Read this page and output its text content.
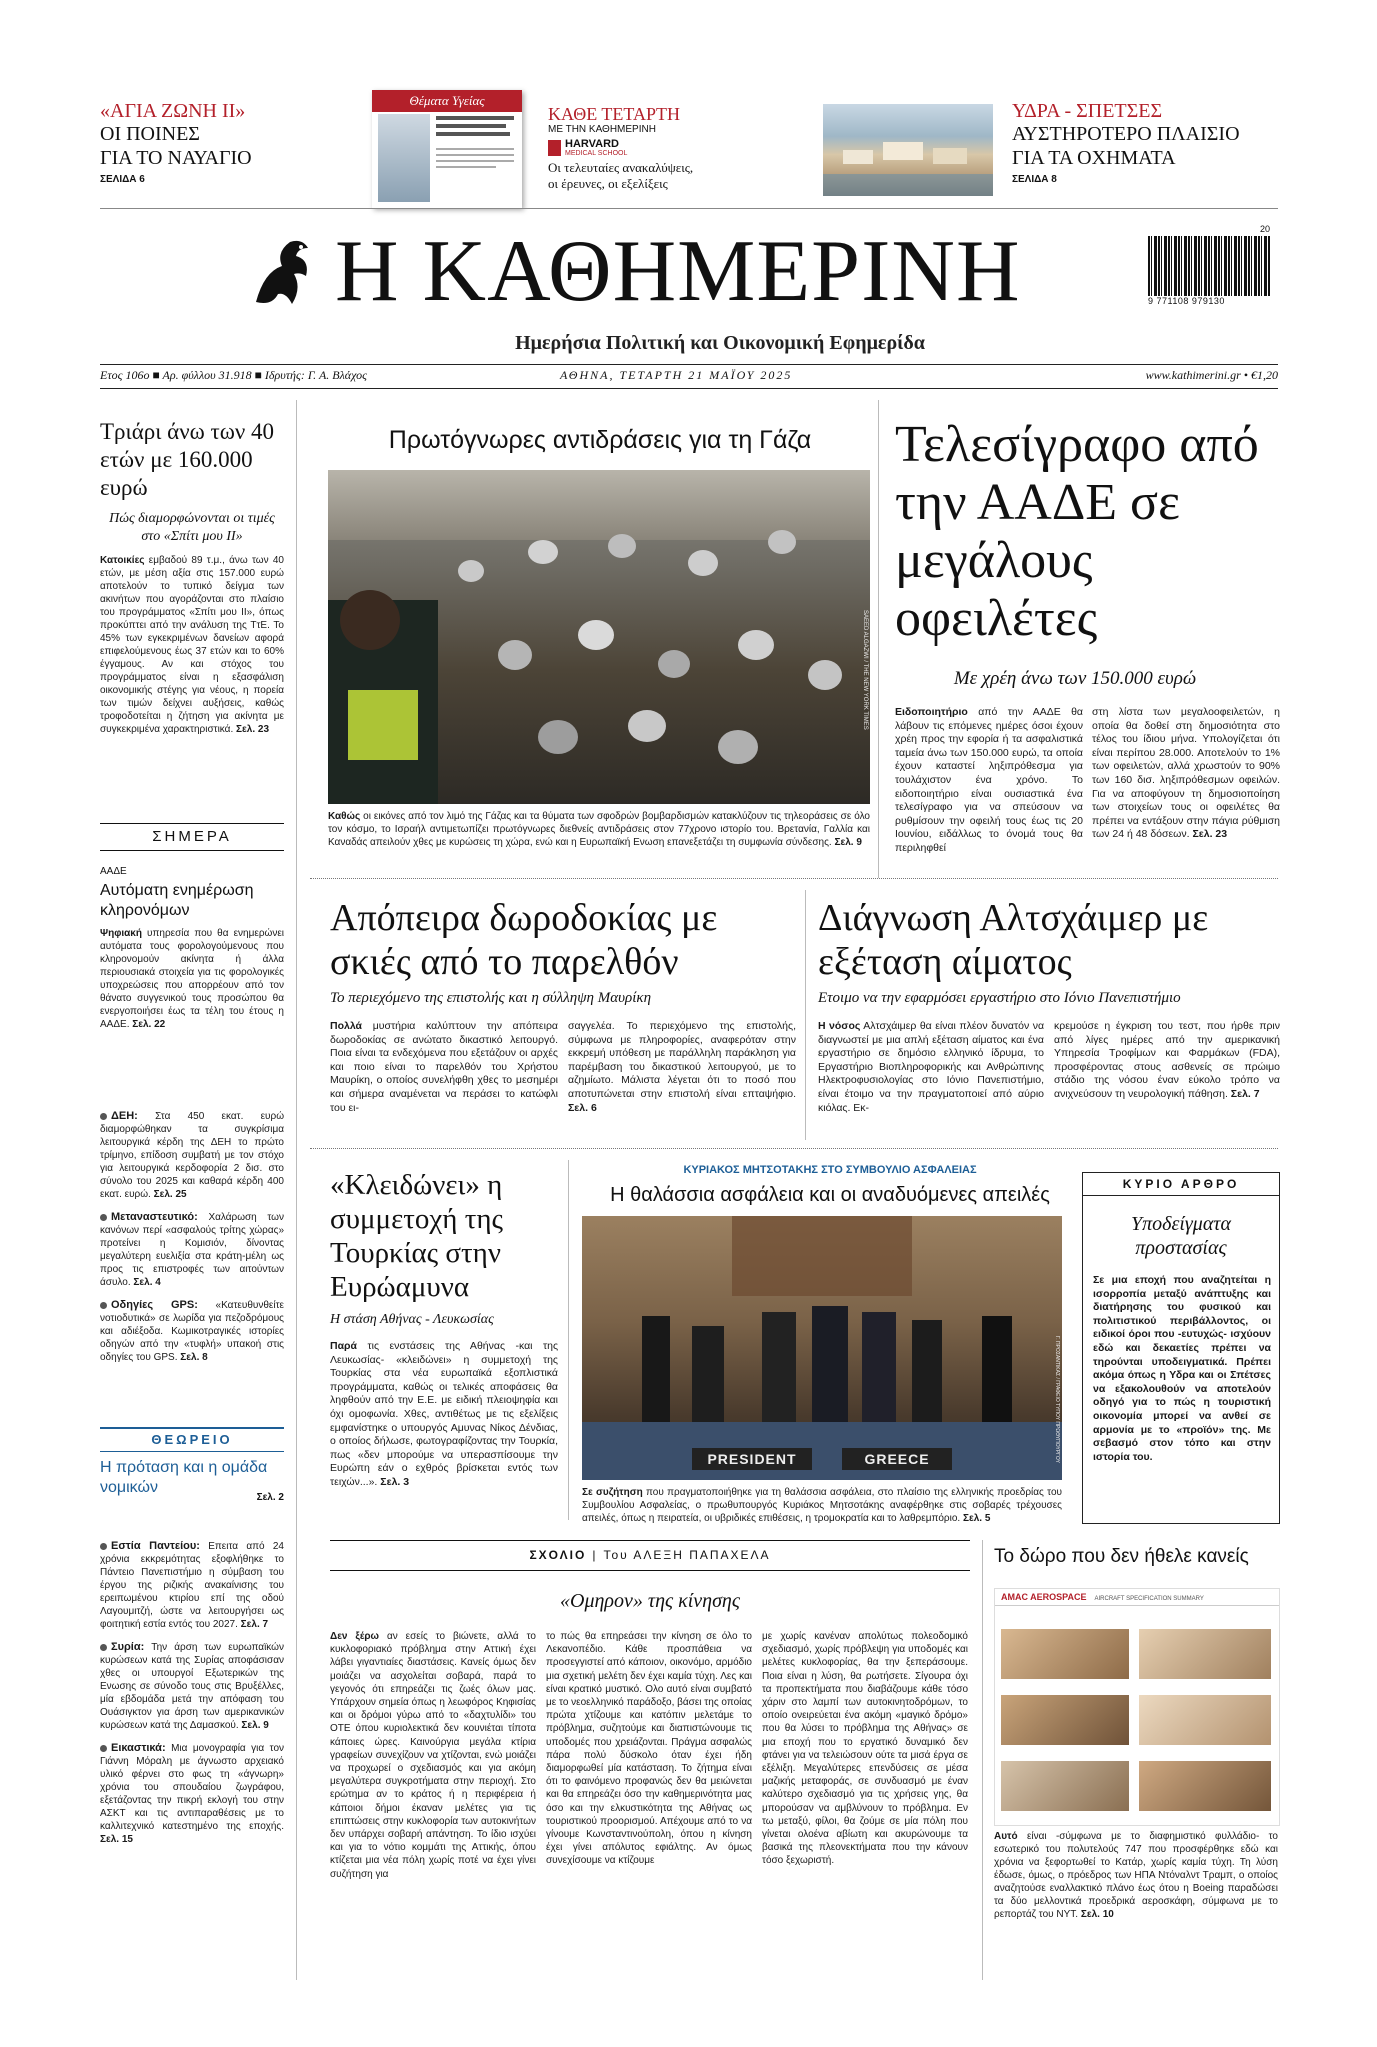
«ΑΓΙΑ ΖΩΝΗ ΙΙ»
ΟΙ ΠΟΙΝΕΣ
ΓΙΑ ΤΟ ΝΑΥΑΓΙΟ
ΣΕΛΙΔΑ 6
Θέματα Υγείας
ΚΑΘΕ ΤΕΤΑΡΤΗ
ΜΕ ΤΗΝ ΚΑΘΗΜΕΡΙΝΗ
HARVARD
MEDICAL SCHOOL
Οι τελευταίες ανακαλύψεις,
οι έρευνες, οι εξελίξεις
ΥΔΡΑ - ΣΠΕΤΣΕΣ
ΑΥΣΤΗΡΟΤΕΡΟ ΠΛΑΙΣΙΟ
ΓΙΑ ΤΑ ΟΧΗΜΑΤΑ
ΣΕΛΙΔΑ 8
Η ΚΑΘΗΜΕΡΙΝΗ	20
9 771108 979130
Ημερήσια Πολιτική και Οικονομική Εφημερίδα
Ετος 106ο ■ Αρ. φύλλου 31.918 ■ Ιδρυτής: Γ. Α. Βλάχος	ΑΘΗΝΑ, ΤΕΤΑΡΤΗ 21 ΜΑΪΟΥ 2025	www.kathimerini.gr • €1,20
Τριάρι άνω των 40 ετών με 160.000 ευρώ
Πώς διαμορφώνονται οι τιμές στο «Σπίτι μου ΙΙ»
Κατοικίες εμβαδού 89 τ.μ., άνω των 40 ετών, με μέση αξία στις 157.000 ευρώ αποτελούν το τυπικό δείγμα των ακινήτων που αγοράζονται στο πλαίσιο του προγράμματος «Σπίτι μου ΙΙ», όπως προκύπτει από την ανάλυση της ΤτΕ. Το 45% των εγκεκριμένων δανείων αφορά επιφελούμενους έως 37 ετών και το 60% έγγαμους. Αν και στόχος του προγράμματος είναι η εξασφάλιση οικονομικής στέγης για νέους, η πορεία των τιμών δείχνει αυξήσεις, καθώς τροφοδοτείται η ζήτηση για ακίνητα με συγκεκριμένα χαρακτηριστικά. Σελ. 23
ΣΗΜΕΡΑ
ΑΑΔΕ
Αυτόματη ενημέρωση κληρονόμων
Ψηφιακή υπηρεσία που θα ενημερώνει αυτόματα τους φορολογούμενους που κληρονομούν ακίνητα ή άλλα περιουσιακά στοιχεία για τις φορολογικές υποχρεώσεις που απορρέουν από τον θάνατο συγγενικού τους προσώπου θα ενεργοποιήσει έως τα τέλη του έτους η ΑΑΔΕ. Σελ. 22
ΔΕΗ: Στα 450 εκατ. ευρώ διαμορφώθηκαν τα συγκρίσιμα λειτουργικά κέρδη της ΔΕΗ το πρώτο τρίμηνο, επίδοση συμβατή με τον στόχο για λειτουργικά κερδοφορία 2 δισ. στο σύνολο του 2025 και καθαρά κέρδη 400 εκατ. ευρώ. Σελ. 25
Μεταναστευτικό: Χαλάρωση των κανόνων περί «ασφαλούς τρίτης χώρας» προτείνει η Κομισιόν, δίνοντας μεγαλύτερη ευελιξία στα κράτη-μέλη ως προς τις επιστροφές των αιτούντων άσυλο. Σελ. 4
Οδηγίες GPS: «Κατευθυνθείτε νοτιοδυτικά» σε λωρίδα για πεζοδρόμους και αδιέξοδα. Κωμικοτραγικές ιστορίες οδηγών από την «τυφλή» υπακοή στις οδηγίες του GPS. Σελ. 8
ΘΕΩΡΕΙΟ
Η πρόταση και η ομάδα νομικών
Σελ. 2
Εστία Παντείου: Επειτα από 24 χρόνια εκκρεμότητας εξοφλήθηκε το Πάντειο Πανεπιστήμιο η σύμβαση του έργου της ριζικής ανακαίνισης του ερειπωμένου κτιρίου επί της οδού Λαγουμιτζή, ώστε να λειτουργήσει ως φοιτητική εστία εντός του 2027. Σελ. 7
Συρία: Την άρση των ευρωπαϊκών κυρώσεων κατά της Συρίας αποφάσισαν χθες οι υπουργοί Εξωτερικών της Ενωσης σε σύνοδο τους στις Βρυξέλλες, μία εβδομάδα μετά την απόφαση του Ουάσιγκτον για άρση των αμερικανικών κυρώσεων κατά της Δαμασκού. Σελ. 9
Εικαστικά: Μια μονογραφία για τον Γιάννη Μόραλη με άγνωστο αρχειακό υλικό φέρνει στο φως τη «άγνωρη» χρόνια του σπουδαίου ζωγράφου, εξετάζοντας την πικρή εκλογή του στην ΑΣΚΤ και τις αντιπαραθέσεις με το καλλιτεχνικό κατεστημένο της εποχής. Σελ. 15
Πρωτόγνωρες αντιδράσεις για τη Γάζα
SAEED ALGAZWI / THE NEW YORK TIMES
Καθώς οι εικόνες από τον λιμό της Γάζας και τα θύματα των σφοδρών βομβαρδισμών κατακλύζουν τις τηλεοράσεις σε όλο τον κόσμο, το Ισραήλ αντιμετωπίζει πρωτόγνωρες διεθνείς αντιδράσεις στον 77χρονο ιστορίο του. Βρετανία, Γαλλία και Καναδάς απειλούν χθες με κυρώσεις τη χώρα, ενώ και η Ευρωπαϊκή Ενωση επανεξετάζει τη συμφωνία σύνδεσης. Σελ. 9
Τελεσίγραφο από την ΑΑΔΕ σε μεγάλους οφειλέτες
Με χρέη άνω των 150.000 ευρώ
Ειδοποιητήριο από την ΑΑΔΕ θα λάβουν τις επόμενες ημέρες όσοι έχουν χρέη προς την εφορία ή τα ασφαλιστικά ταμεία άνω των 150.000 ευρώ, τα οποία έχουν καταστεί ληξιπρόθεσμα για τουλάχιστον ένα χρόνο. Το ειδοποιητήριο είναι ουσιαστικά ένα τελεσίγραφο για να σπεύσουν να ρυθμίσουν την οφειλή τους έως τις 20 Ιουνίου, ειδάλλως το όνομά τους θα περιληφθεί
στη λίστα των μεγαλοοφειλετών, η οποία θα δοθεί στη δημοσιότητα στο τέλος του ίδιου μήνα. Υπολογίζεται ότι είναι περίπου 28.000. Αποτελούν το 1% των οφειλετών, αλλά χρωστούν το 90% των 160 δισ. ληξιπρόθεσμων οφειλών. Για να αποφύγουν τη δημοσιοποίηση των στοιχείων τους οι οφειλέτες θα πρέπει να εντάξουν στην πάγια ρύθμιση των 24 ή 48 δόσεων. Σελ. 23
Απόπειρα δωροδοκίας με σκιές από το παρελθόν
Το περιεχόμενο της επιστολής και η σύλληψη Μαυρίκη
Πολλά μυστήρια καλύπτουν την απόπειρα δωροδοκίας σε ανώτατο δικαστικό λειτουργό. Ποια είναι τα ενδεχόμενα που εξετάζουν οι αρχές και ποιο είναι το παρελθόν του Χρήστου Μαυρίκη, ο οποίος συνελήφθη χθες το μεσημέρι και σήμερα αναμένεται να περάσει το κατώφλι του ει-
σαγγελέα. Το περιεχόμενο της επιστολής, σύμφωνα με πληροφορίες, αναφερόταν στην εκκρεμή υπόθεση με παράλληλη παράκληση για παρέμβαση του δικαστικού λειτουργού, με το αζημίωτο. Μάλιστα λέγεται ότι το ποσό που αποτυπώνεται στην επιστολή είναι επταψήφιο. Σελ. 6
Διάγνωση Αλτσχάιμερ με εξέταση αίματος
Ετοιμο να την εφαρμόσει εργαστήριο στο Ιόνιο Πανεπιστήμιο
Η νόσος Αλτσχάιμερ θα είναι πλέον δυνατόν να διαγνωστεί με μια απλή εξέταση αίματος και ένα εργαστήριο σε δημόσιο ελληνικό ίδρυμα, το Εργαστήριο Βιοπληροφορικής και Ανθρώπινης Ηλεκτροφυσιολογίας στο Ιόνιο Πανεπιστήμιο, είναι έτοιμο να την πραγματοποιεί από αύριο κιόλας. Εκ-
κρεμούσε η έγκριση του τεστ, που ήρθε πριν από λίγες ημέρες από την αμερικανική Υπηρεσία Τροφίμων και Φαρμάκων (FDA), προσφέροντας στους ασθενείς σε πρώιμο στάδιο της νόσου έναν εύκολο τρόπο να ανιχνεύσουν τη νευρολογική πάθηση. Σελ. 7
«Κλειδώνει» η συμμετοχή της Τουρκίας στην Ευρώαμυνα
Η στάση Αθήνας - Λευκωσίας
Παρά τις ενστάσεις της Αθήνας -και της Λευκωσίας- «κλειδώνει» η συμμετοχή της Τουρκίας στα νέα ευρωπαϊκά εξοπλιστικά προγράμματα, καθώς οι τελικές αποφάσεις θα ληφθούν από την Ε.Ε. με ειδική πλειοψηφία και όχι ομοφωνία. Χθες, αντιθέτως με τις εξελίξεις εμφανίστηκε ο υπουργός Αμυνας Νίκος Δένδιας, ο οποίος δήλωσε, φωτογραφίζοντας την Τουρκία, πως «δεν μπορούμε να υπερασπίσουμε την Ευρώπη εάν ο εχθρός βρίσκεται εντός των τειχών...». Σελ. 3
ΚΥΡΙΑΚΟΣ ΜΗΤΣΟΤΑΚΗΣ ΣΤΟ ΣΥΜΒΟΥΛΙΟ ΑΣΦΑΛΕΙΑΣ
Η θαλάσσια ασφάλεια και οι αναδυόμενες απειλές
PRESIDENT	GREECE	Γ. ΠΡΟΣΑΝΤΙΚΑΣ / ΓΡΑΦΕΙΟ ΤΥΠΟΥ ΠΡΩΘΥΠΟΥΡΓΟΥ
Σε συζήτηση που πραγματοποιήθηκε για τη θαλάσσια ασφάλεια, στο πλαίσιο της ελληνικής προεδρίας του Συμβουλίου Ασφαλείας, ο πρωθυπουργός Κυριάκος Μητσοτάκης αναφέρθηκε στις σοβαρές τρέχουσες απειλές, όπως η πειρατεία, οι υβριδικές επιθέσεις, η τρομοκρατία και το λαθρεμπόριο. Σελ. 5
ΚΥΡΙΟ ΑΡΘΡΟ
Υποδείγματα προστασίας
Σε μια εποχή που αναζητείται η ισορροπία μεταξύ ανάπτυξης και διατήρησης του φυσικού και πολιτιστικού περιβάλλοντος, οι ειδικοί όροι που -ευτυχώς- ισχύουν εδώ και δεκαετίες πρέπει να τηρούνται υποδειγματικά. Πρέπει ακόμα όπως η Υδρα και οι Σπέτσες να εξακολουθούν να αποτελούν οδηγό για το πώς η τουριστική οικονομία μπορεί να ανθεί σε αρμονία με το «προϊόν» της. Με σεβασμό στον τόπο και στην ιστορία του.
ΣΧΟΛΙΟ | Του ΑΛΕΞΗ ΠΑΠΑΧΕΛΑ
«Ομηρον» της κίνησης
Δεν ξέρω αν εσείς το βιώνετε, αλλά το κυκλοφοριακό πρόβλημα στην Αττική έχει λάβει γιγαντιαίες διαστάσεις. Κανείς όμως δεν μοιάζει να ασχολείται σοβαρά, παρά το γεγονός ότι επηρεάζει τις ζωές όλων μας. Υπάρχουν σημεία όπως η λεωφόρος Κηφισίας και οι δρόμοι γύρω από το «δαχτυλίδι» του ΟΤΕ όπου κυριολεκτικά δεν κουνιέται τίποτα κάποιες ώρες. Καινούργια μεγάλα κτίρια γραφείων συνεχίζουν να χτίζονται, ενώ μοιάζει να προχωρεί ο σχεδιασμός και για ακόμη μεγαλύτερα συγκροτήματα στην περιοχή. Στο ερώτημα αν το κράτος ή η περιφέρεια ή κάποιοι δήμοι έκαναν μελέτες για τις επιπτώσεις στην κυκλοφορία των αυτοκινήτων δεν υπάρχει σοβαρή απάντηση. Το ίδιο ισχύει και για το νότιο κομμάτι της Αττικής, όπου κτίζεται μια νέα πόλη χωρίς ποτέ να έχει γίνει συζήτηση για
το πώς θα επηρεάσει την κίνηση σε όλο το Λεκανοπέδιο. Κάθε προσπάθεια να προσεγγιστεί από κάποιον, οικονόμο, αρμόδιο μια σχετική μελέτη δεν έχει καμία τύχη. Λες και είναι κρατικό μυστικό. Ολο αυτό είναι συμβατό με το νεοελληνικό παράδοξο, βάσει της οποίας πρώτα χτίζουμε και κατόπιν μελετάμε το πρόβλημα, συζητούμε και διαπιστώνουμε τις υποδομές που χρειάζονται. Πράγμα ασφαλώς πάρα πολύ δύσκολο όταν έχει ήδη διαμορφωθεί μία κατάσταση. Το ζήτημα είναι ότι το φαινόμενο προφανώς δεν θα μειώνεται και θα επηρεάζει όσο την καθημερινότητα μας όσο και την ελκυστικότητα της Αθήνας ως τουριστικού προορισμού. Απέχουμε από το να γίνουμε Κωνσταντινούπολη, όπου η κίνηση έχει γίνει απόλυτος εφιάλτης. Αν όμως συνεχίσουμε να κτίζουμε
με χωρίς κανέναν απολύτως πολεοδομικό σχεδιασμό, χωρίς πρόβλεψη για υποδομές και μελέτες κυκλοφορίας, θα την ξεπεράσουμε. Ποια είναι η λύση, θα ρωτήσετε. Σίγουρα όχι τα προπεκτήματα που διαβάζουμε κάθε τόσο χάριν στο λαμπί των αυτοκινητοδρόμων, το οποίο ονειρεύεται ένα ακόμη «μαγικό δρόμο» που θα λύσει το πρόβλημα της Αθήνας» σε μια εποχή που το εργατικό δυναμικό δεν φτάνει για να τελειώσουν ούτε τα μισά έργα σε εξέλιξη. Μεγαλύτερες επενδύσεις σε μέσα μαζικής μεταφοράς, σε συνδυασμό με έναν καλύτερο σχεδιασμό για τις χρήσεις γης, θα μπορούσαν να αμβλύνουν το πρόβλημα. Εν τω μεταξύ, φίλοι, θα ζούμε σε μία πόλη που γίνεται ολοένα αβίωτη και ακυρώνουμε τα βασικά της πλεονεκτήματα που την κάνουν τόσο ξεχωριστή.
Το δώρο που δεν ήθελε κανείς
AMAC AEROSPACE AIRCRAFT SPECIFICATION SUMMARY
Αυτό είναι -σύμφωνα με το διαφημιστικό φυλλάδιο- το εσωτερικό του πολυτελούς 747 που προσφέρθηκε εδώ και χρόνια να ξεφορτωθεί το Κατάρ, χωρίς καμία τύχη. Τη λύση έδωσε, όμως, ο πρόεδρος των ΗΠΑ Ντόναλντ Τραμπ, ο οποίος αναζητούσε εναλλακτικό πλάνο έως ότου η Boeing παραδώσει τα δύο μελλοντικά προεδρικά αεροσκάφη, σύμφωνα με το ρεπορτάζ του NYT. Σελ. 10
